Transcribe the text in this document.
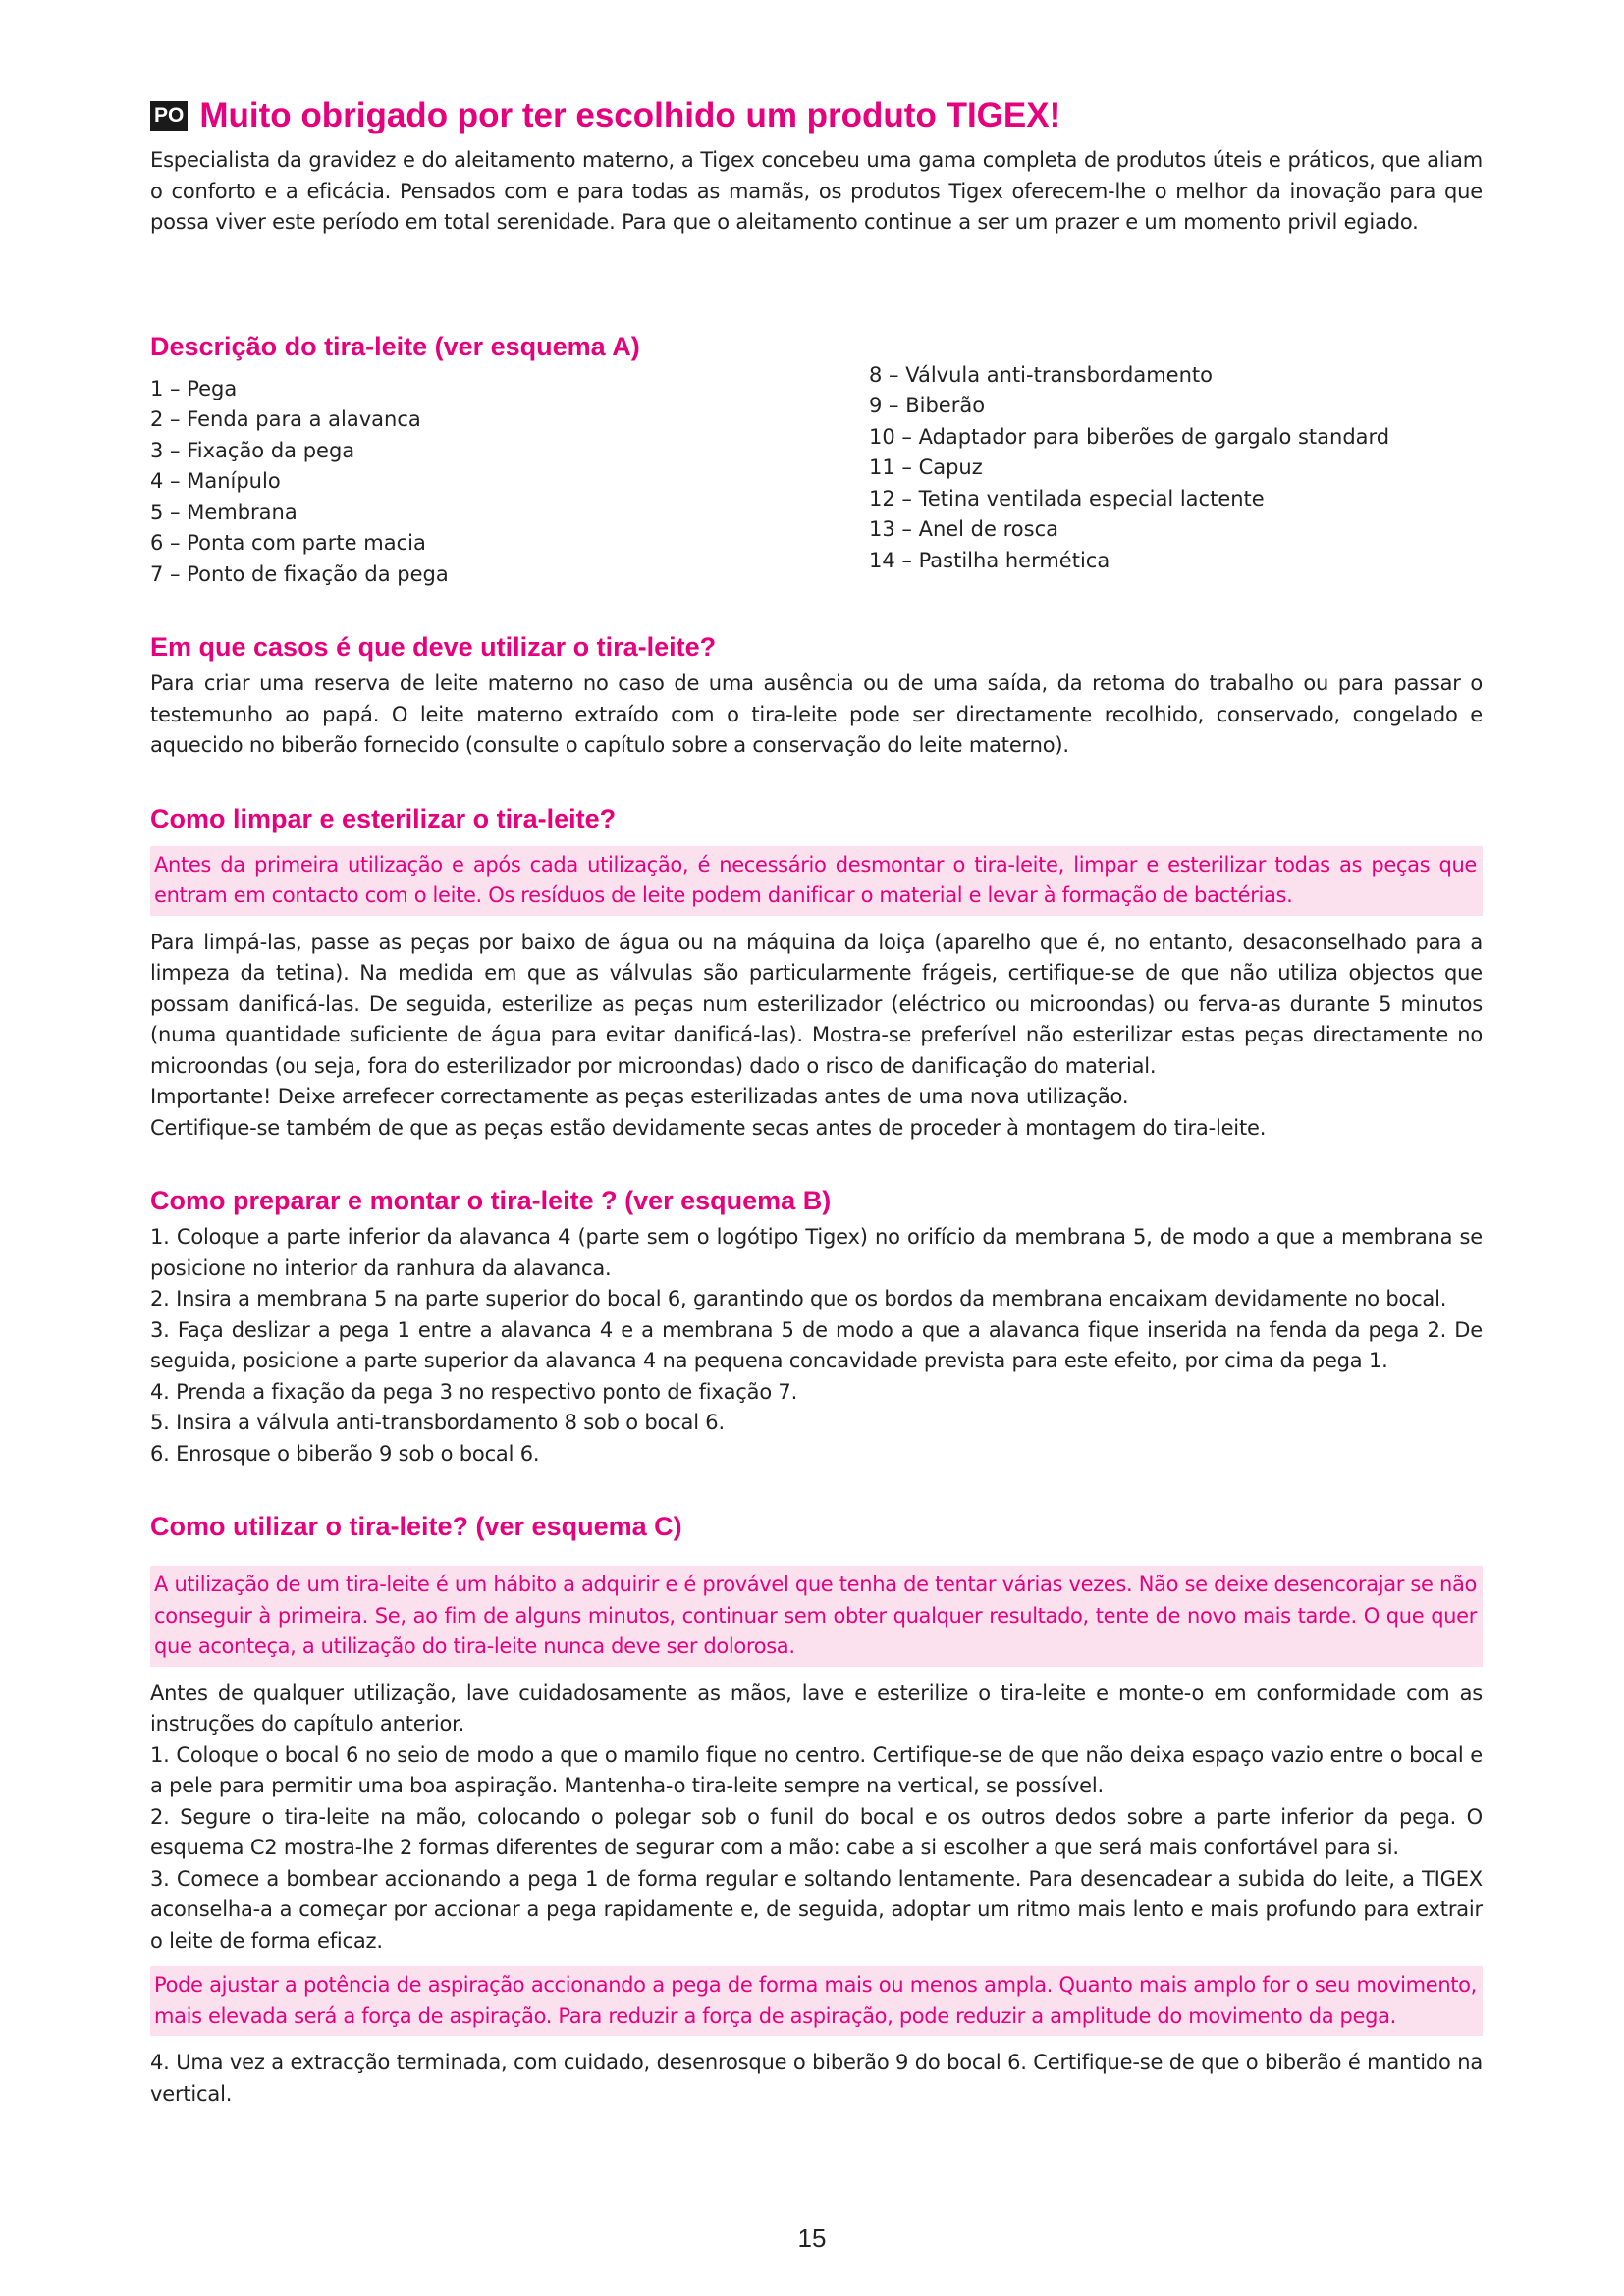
PO Muito obrigado por ter escolhido um produto TIGEX!

Especialista da gravidez e do aleitamento materno, a Tigex concebeu uma gama completa de produtos úteis e práticos, que aliam o conforto e a eficácia. Pensados com e para todas as mamãs, os produtos Tigex oferecem-lhe o melhor da inovação para que possa viver este período em total serenidade. Para que o aleitamento continue a ser um prazer e um momento privil egiado.

Descrição do tira-leite (ver esquema A)
1 – Pega
2 – Fenda para a alavanca
3 – Fixação da pega
4 – Manípulo
5 – Membrana
6 – Ponta com parte macia
7 – Ponto de fixação da pega
8 – Válvula anti-transbordamento
9 – Biberão
10 – Adaptador para biberões de gargalo standard
11 – Capuz
12 – Tetina ventilada especial lactente
13 – Anel de rosca
14 – Pastilha hermética
Em que casos é que deve utilizar o tira-leite?

Para criar uma reserva de leite materno no caso de uma ausência ou de uma saída, da retoma do trabalho ou para passar o testemunho ao papá. O leite materno extraído com o tira-leite pode ser directamente recolhido, conservado, congelado e aquecido no biberão fornecido (consulte o capítulo sobre a conservação do leite materno).

Como limpar e esterilizar o tira-leite?

Antes da primeira utilização e após cada utilização, é necessário desmontar o tira-leite, limpar e esterilizar todas as peças que entram em contacto com o leite. Os resíduos de leite podem danificar o material e levar à formação de bactérias.

Para limpá-las, passe as peças por baixo de água ou na máquina da loiça (aparelho que é, no entanto, desaconselhado para a limpeza da tetina). Na medida em que as válvulas são particularmente frágeis, certifique-se de que não utiliza objectos que possam danificá-las. De seguida, esterilize as peças num esterilizador (eléctrico ou microondas) ou ferva-as durante 5 minutos (numa quantidade suficiente de água para evitar danificá-las). Mostra-se preferível não esterilizar estas peças directamente no microondas (ou seja, fora do esterilizador por microondas) dado o risco de danificação do material.

Importante! Deixe arrefecer correctamente as peças esterilizadas antes de uma nova utilização.

Certifique-se também de que as peças estão devidamente secas antes de proceder à montagem do tira-leite.

Como preparar e montar o tira-leite ? (ver esquema B)

1. Coloque a parte inferior da alavanca 4 (parte sem o logótipo Tigex) no orifício da membrana 5, de modo a que a membrana se posicione no interior da ranhura da alavanca.

2. Insira a membrana 5 na parte superior do bocal 6, garantindo que os bordos da membrana encaixam devidamente no bocal.

3. Faça deslizar a pega 1 entre a alavanca 4 e a membrana 5 de modo a que a alavanca fique inserida na fenda da pega 2. De seguida, posicione a parte superior da alavanca 4 na pequena concavidade prevista para este efeito, por cima da pega 1.

4. Prenda a fixação da pega 3 no respectivo ponto de fixação 7.

5. Insira a válvula anti-transbordamento 8 sob o bocal 6.

6. Enrosque o biberão 9 sob o bocal 6.

Como utilizar o tira-leite? (ver esquema C)

A utilização de um tira-leite é um hábito a adquirir e é provável que tenha de tentar várias vezes. Não se deixe desencorajar se não conseguir à primeira. Se, ao fim de alguns minutos, continuar sem obter qualquer resultado, tente de novo mais tarde. O que quer que aconteça, a utilização do tira-leite nunca deve ser dolorosa.

Antes de qualquer utilização, lave cuidadosamente as mãos, lave e esterilize o tira-leite e monte-o em conformidade com as instruções do capítulo anterior.

1. Coloque o bocal 6 no seio de modo a que o mamilo fique no centro. Certifique-se de que não deixa espaço vazio entre o bocal e a pele para permitir uma boa aspiração. Mantenha-o tira-leite sempre na vertical, se possível.

2. Segure o tira-leite na mão, colocando o polegar sob o funil do bocal e os outros dedos sobre a parte inferior da pega. O esquema C2 mostra-lhe 2 formas diferentes de segurar com a mão: cabe a si escolher a que será mais confortável para si.

3. Comece a bombear accionando a pega 1 de forma regular e soltando lentamente. Para desencadear a subida do leite, a TIGEX aconselha-a a começar por accionar a pega rapidamente e, de seguida, adoptar um ritmo mais lento e mais profundo para extrair o leite de forma eficaz.

Pode ajustar a potência de aspiração accionando a pega de forma mais ou menos ampla. Quanto mais amplo for o seu movimento, mais elevada será a força de aspiração. Para reduzir a força de aspiração, pode reduzir a amplitude do movimento da pega.

4. Uma vez a extracção terminada, com cuidado, desenrosque o biberão 9 do bocal 6. Certifique-se de que o biberão é mantido na vertical.

15
